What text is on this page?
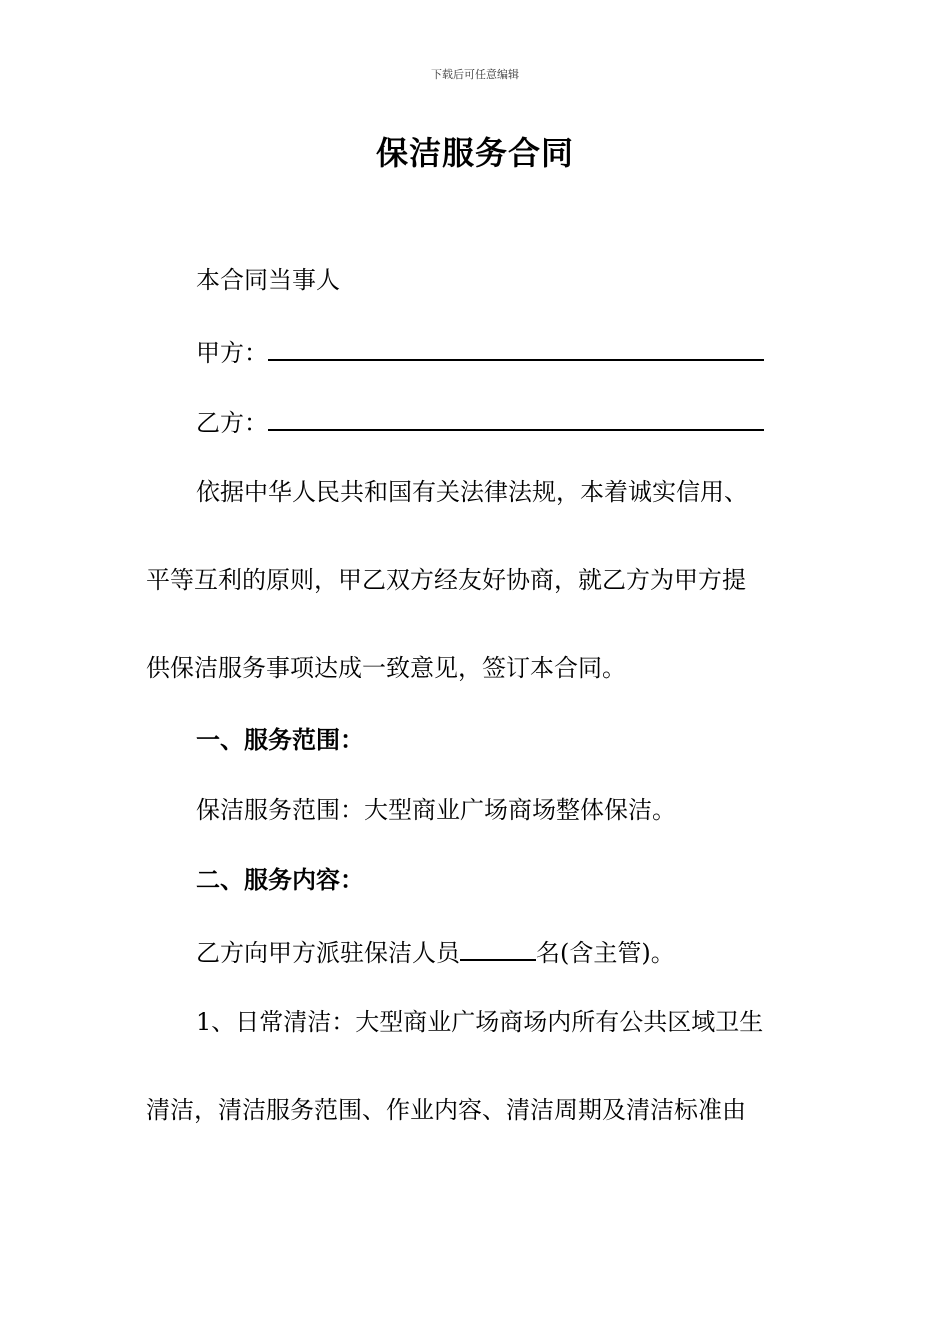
下载后可任意编辑
保洁服务合同
本合同当事人
甲方：
乙方：
依据中华人民共和国有关法律法规，本着诚实信用、
平等互利的原则，甲乙双方经友好协商，就乙方为甲方提
供保洁服务事项达成一致意见，签订本合同。
一、服务范围：
保洁服务范围：大型商业广场商场整体保洁。
二、服务内容：
乙方向甲方派驻保洁人员	名(含主管)。
1、日常清洁：大型商业广场商场内所有公共区域卫生
清洁，清洁服务范围、作业内容、清洁周期及清洁标准由
